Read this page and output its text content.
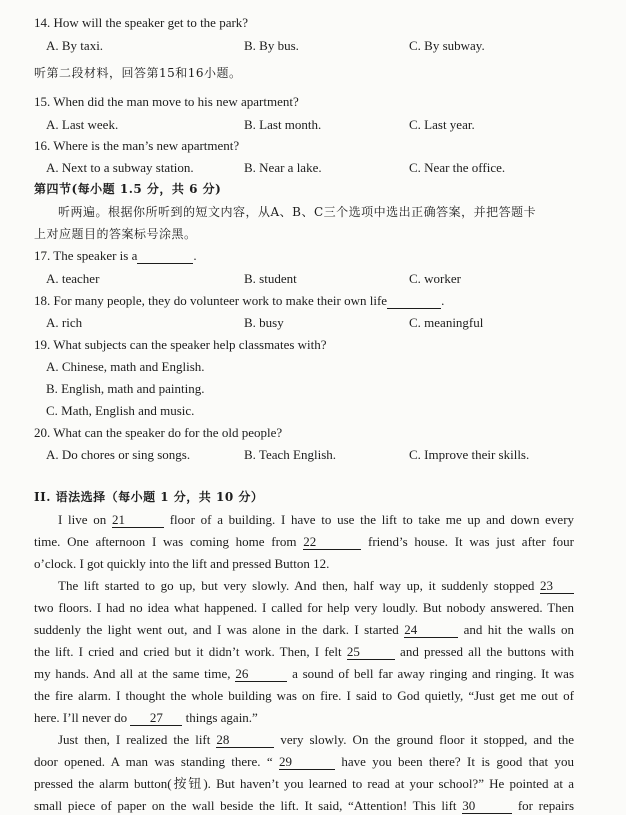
14. How will the speaker get to the park?
A. By taxi.	B. By bus.	C. By subway.
听第二段材料，回答第15和16小题。
15. When did the man move to his new apartment?
A. Last week.	B. Last month.	C. Last year.
16. Where is the man’s new apartment?
A. Next to a subway station.	B. Near a lake.	C. Near the office.
第四节(每小题 1.5 分，共 6 分)
听两遍。根据你所听到的短文内容，从A、B、C三个选项中选出正确答案，并把答题卡
上对应题目的答案标号涂黑。
17. The speaker is a	.
A. teacher	B. student	C. worker
18. For many people, they do volunteer work to make their own life	.
A. rich	B. busy	C. meaningful
19. What subjects can the speaker help classmates with?
A. Chinese, math and English.
B. English, math and painting.
C. Math, English and music.
20. What can the speaker do for the old people?
A. Do chores or sing songs.	B. Teach English.	C. Improve their skills.
II. 语法选择（每小题 1 分，共 10 分）
I live on 21	floor of a building. I have to use the lift to take me up and down every
time. One afternoon I was coming home from 22	friend’s house. It was just after four
o’clock. I got quickly into the lift and pressed Button 12.
The lift started to go up, but very slowly. And then, half way up, it suddenly stopped 23
two floors. I had no idea what happened. I called for help very loudly. But nobody answered. Then
suddenly the light went out, and I was alone in the dark. I started 24	and hit the walls on
the lift. I cried and cried but it didn’t work. Then, I felt 25	and pressed all the buttons with
my hands. And all at the same time, 26	a sound of bell far away ringing and ringing. It was
the fire alarm. I thought the whole building was on fire. I said to God quietly, “Just get me out of
here. I’ll never do 27 things again.”
Just then, I realized the lift 28	very slowly. On the ground floor it stopped, and the
door opened. A man was standing there. “ 29	have you been there? It is good that you
pressed the alarm button(按钮). But haven’t you learned to read at your school?” He pointed at a
small piece of paper on the wall beside the lift. It said, “Attention! This lift 30	for repairs
